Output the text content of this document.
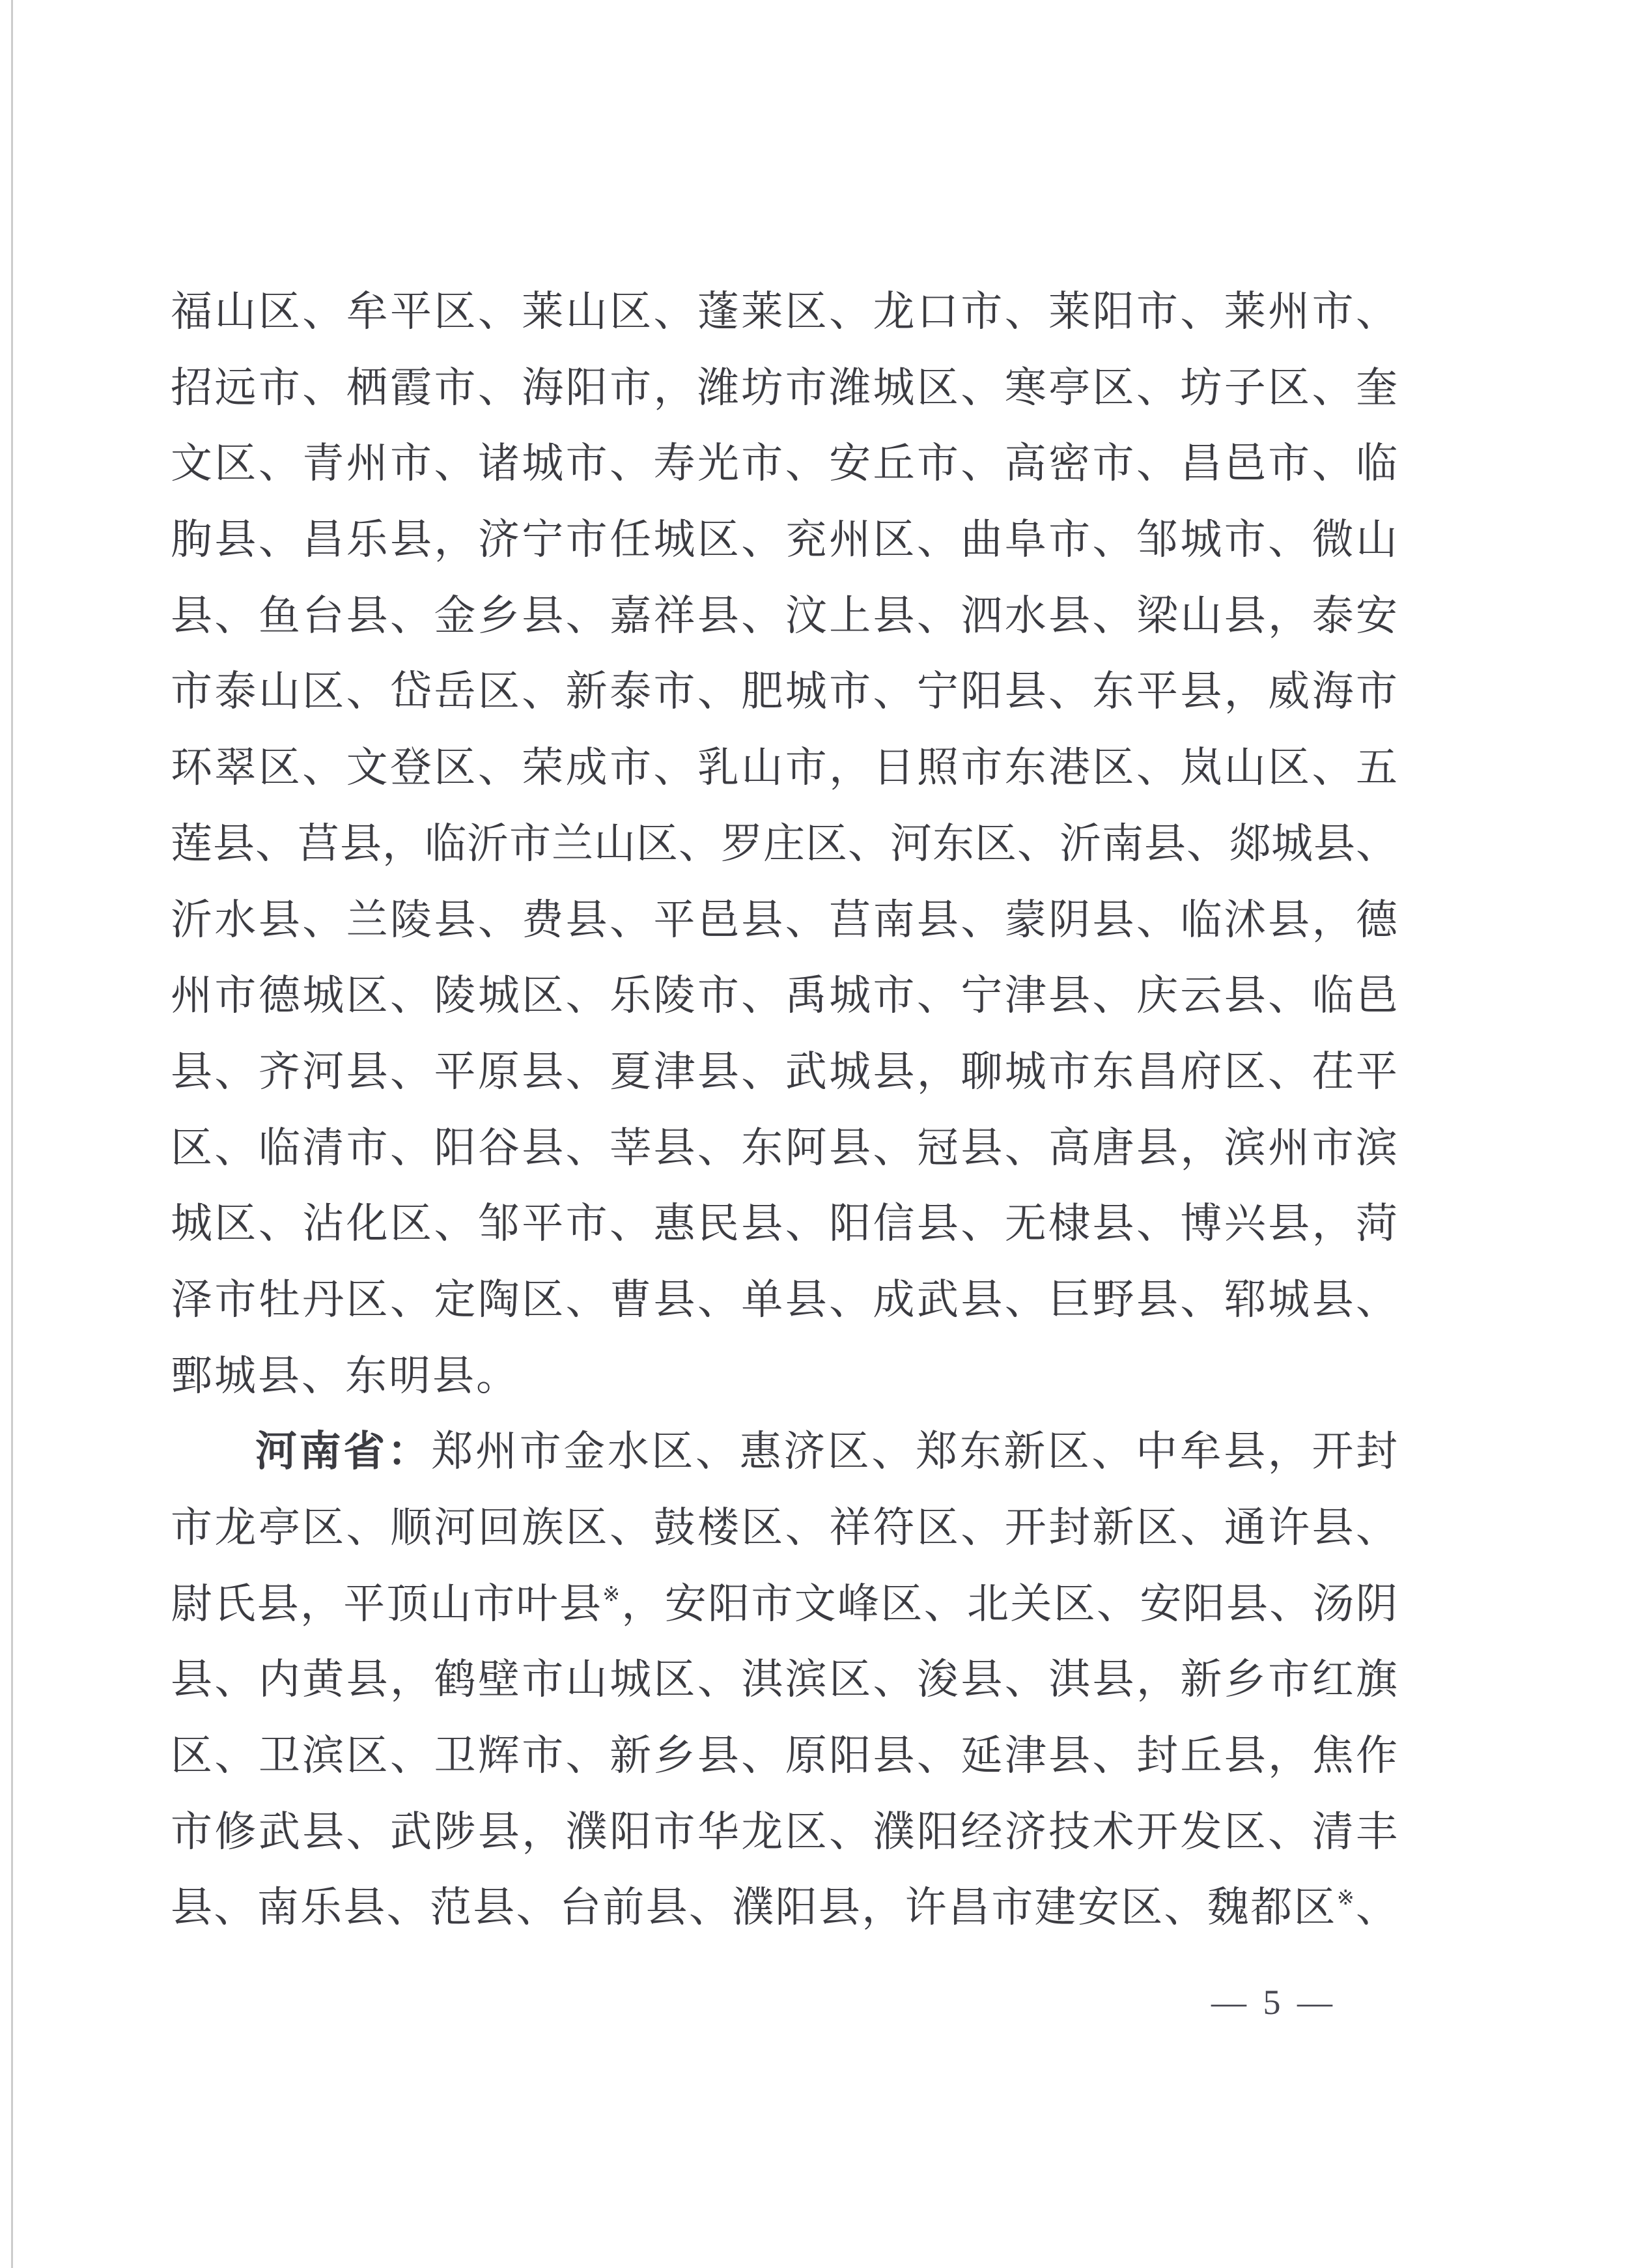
福山区、牟平区、莱山区、蓬莱区、龙口市、莱阳市、莱州市、
招远市、栖霞市、海阳市，潍坊市潍城区、寒亭区、坊子区、奎
文区、青州市、诸城市、寿光市、安丘市、高密市、昌邑市、临
朐县、昌乐县，济宁市任城区、兖州区、曲阜市、邹城市、微山
县、鱼台县、金乡县、嘉祥县、汶上县、泗水县、梁山县，泰安
市泰山区、岱岳区、新泰市、肥城市、宁阳县、东平县，威海市
环翠区、文登区、荣成市、乳山市，日照市东港区、岚山区、五
莲县、莒县，临沂市兰山区、罗庄区、河东区、沂南县、郯城县、
沂水县、兰陵县、费县、平邑县、莒南县、蒙阴县、临沭县，德
州市德城区、陵城区、乐陵市、禹城市、宁津县、庆云县、临邑
县、齐河县、平原县、夏津县、武城县，聊城市东昌府区、茌平
区、临清市、阳谷县、莘县、东阿县、冠县、高唐县，滨州市滨
城区、沾化区、邹平市、惠民县、阳信县、无棣县、博兴县，菏
泽市牡丹区、定陶区、曹县、单县、成武县、巨野县、郓城县、
鄄城县、东明县。
河南省：郑州市金水区、惠济区、郑东新区、中牟县，开封
市龙亭区、顺河回族区、鼓楼区、祥符区、开封新区、通许县、
尉氏县，平顶山市叶县※，安阳市文峰区、北关区、安阳县、汤阴
县、内黄县，鹤壁市山城区、淇滨区、浚县、淇县，新乡市红旗
区、卫滨区、卫辉市、新乡县、原阳县、延津县、封丘县，焦作
市修武县、武陟县，濮阳市华龙区、濮阳经济技术开发区、清丰
县、南乐县、范县、台前县、濮阳县，许昌市建安区、魏都区※、
— 5 —
